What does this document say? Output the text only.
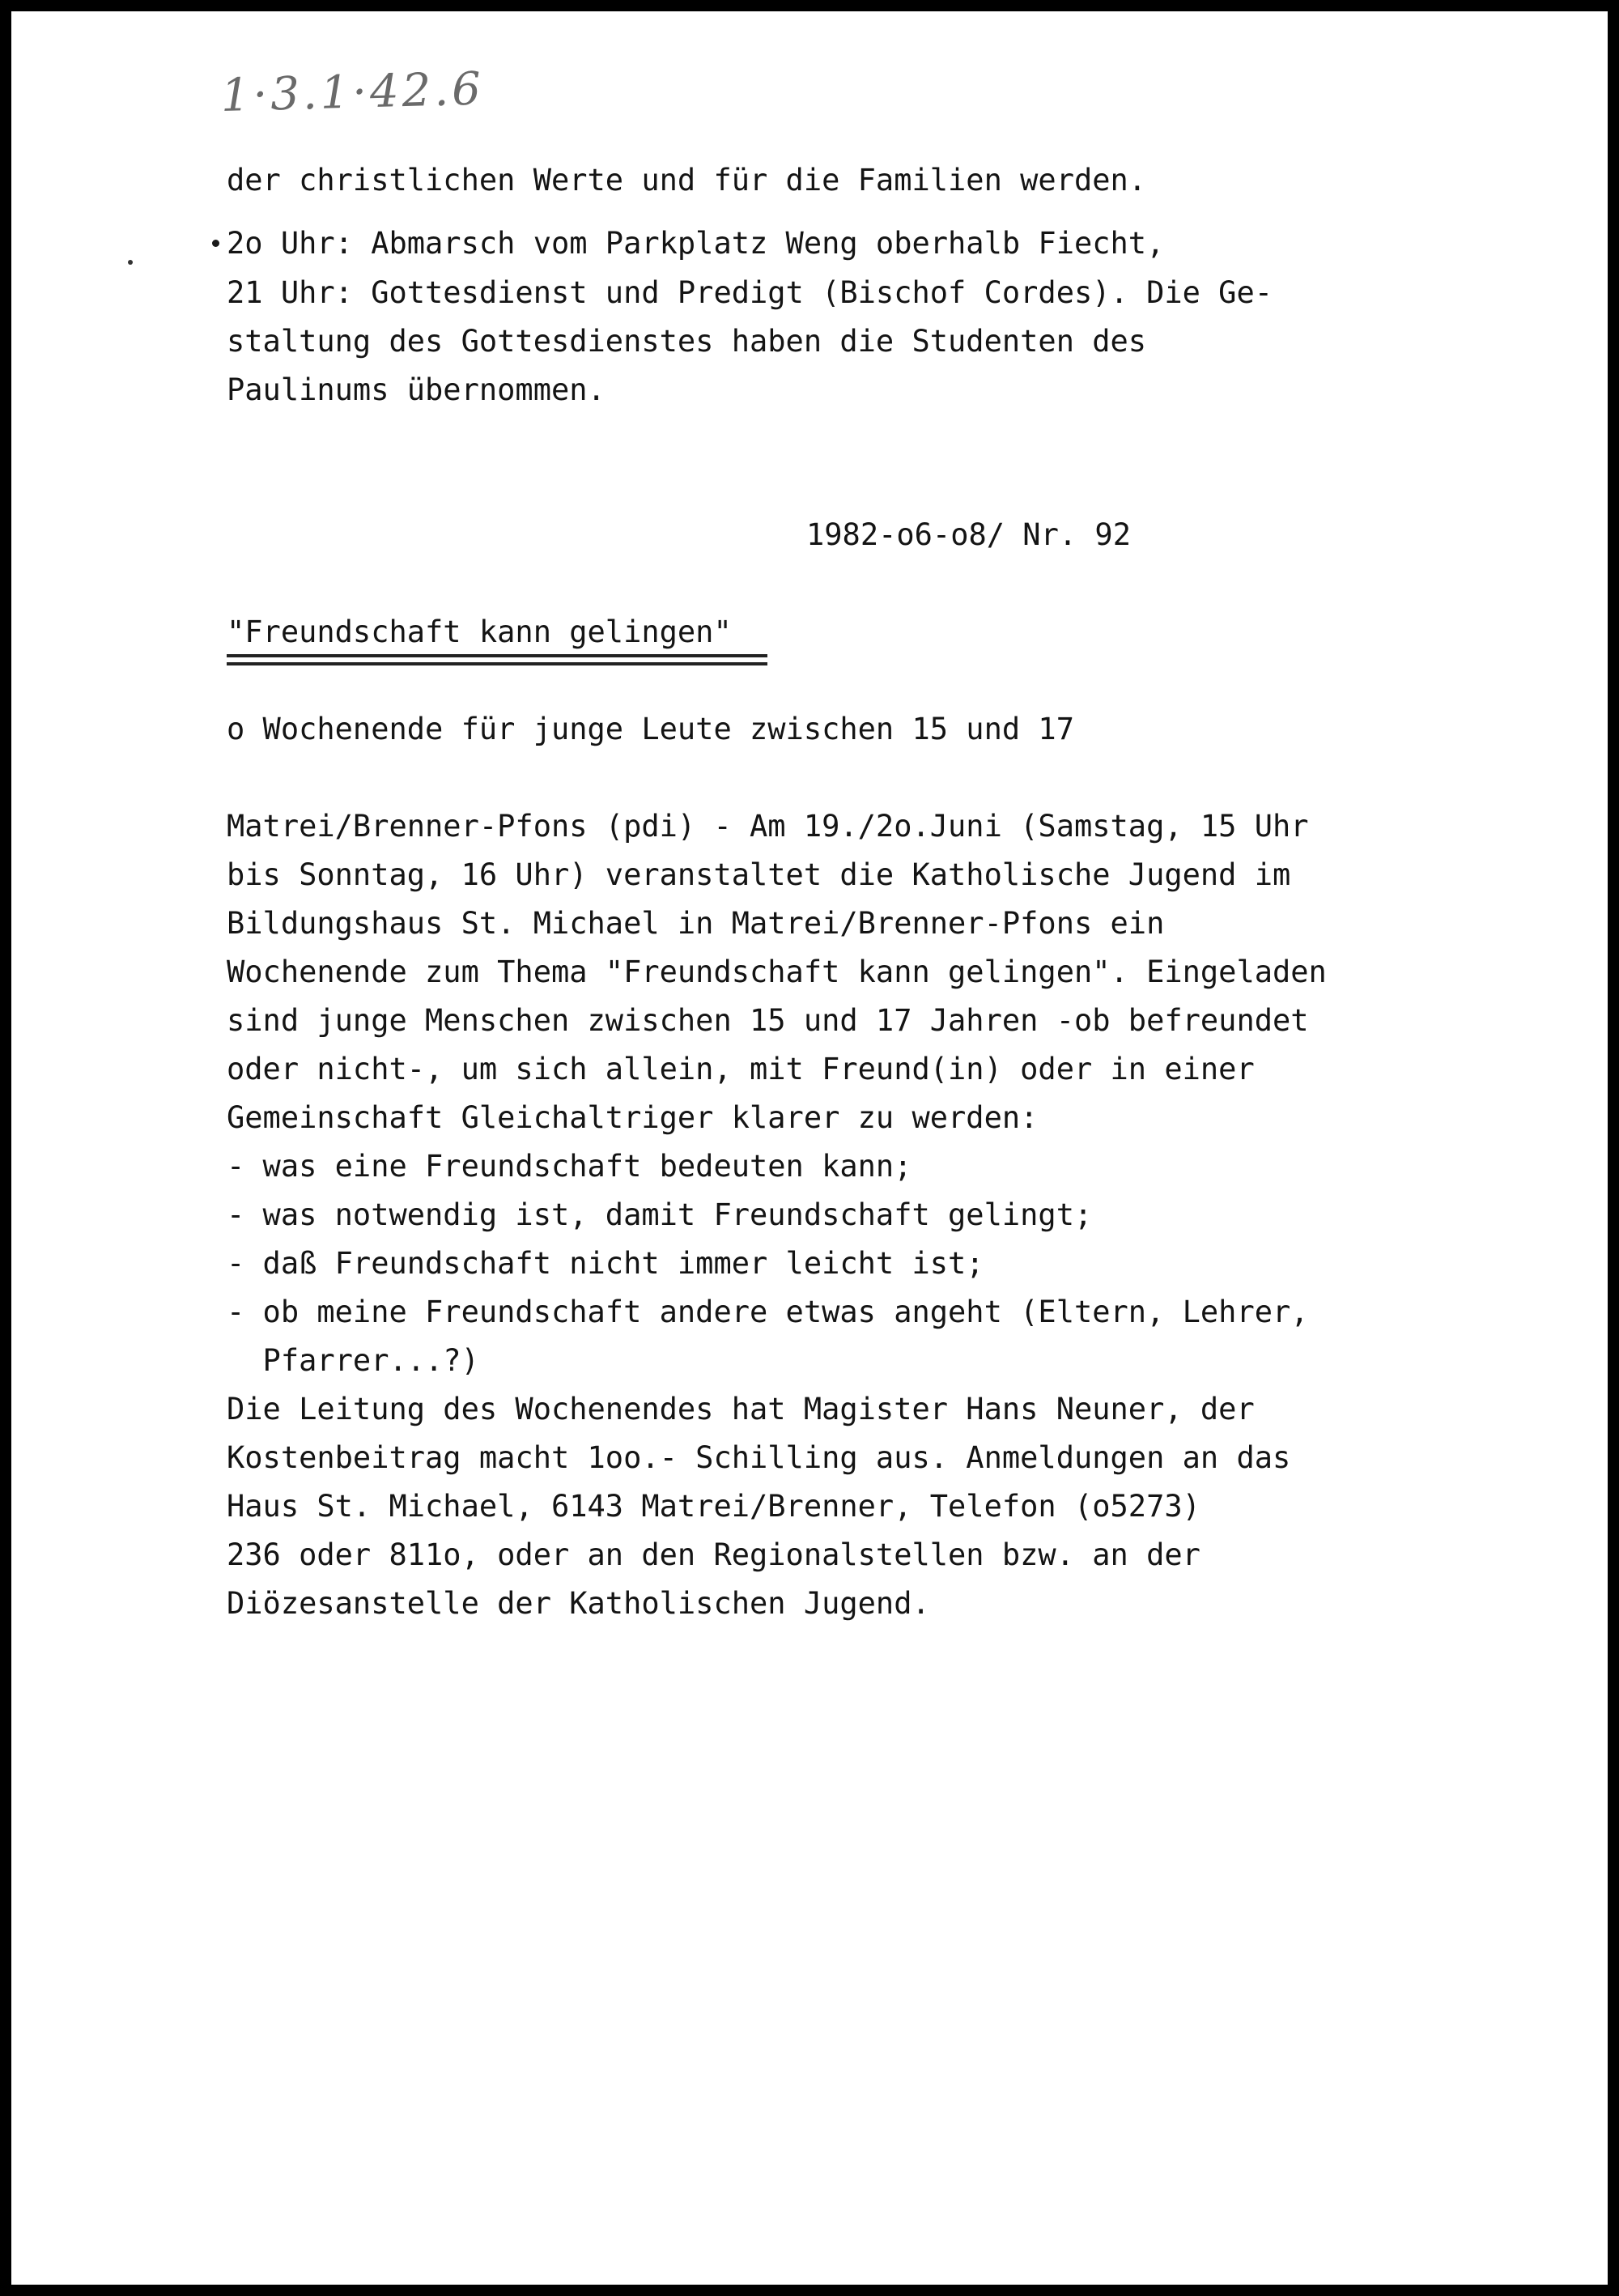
1·3.1·42.6
der christlichen Werte und für die Familien werden.
2o Uhr: Abmarsch vom Parkplatz Weng oberhalb Fiecht,
21 Uhr: Gottesdienst und Predigt (Bischof Cordes). Die Ge-
staltung des Gottesdienstes haben die Studenten des
Paulinums übernommen.
1982-o6-o8/ Nr. 92
"Freundschaft kann gelingen"
o Wochenende für junge Leute zwischen 15 und 17
Matrei/Brenner-Pfons (pdi) - Am 19./2o.Juni (Samstag, 15 Uhr
bis Sonntag, 16 Uhr) veranstaltet die Katholische Jugend im
Bildungshaus St. Michael in Matrei/Brenner-Pfons ein
Wochenende zum Thema "Freundschaft kann gelingen". Eingeladen
sind junge Menschen zwischen 15 und 17 Jahren -ob befreundet
oder nicht-, um sich allein, mit Freund(in) oder in einer
Gemeinschaft Gleichaltriger klarer zu werden:
- was eine Freundschaft bedeuten kann;
- was notwendig ist, damit Freundschaft gelingt;
- daß Freundschaft nicht immer leicht ist;
- ob meine Freundschaft andere etwas angeht (Eltern, Lehrer,
Pfarrer...?)
Die Leitung des Wochenendes hat Magister Hans Neuner, der
Kostenbeitrag macht 1oo.- Schilling aus. Anmeldungen an das
Haus St. Michael, 6143 Matrei/Brenner, Telefon (o5273)
236 oder 811o, oder an den Regionalstellen bzw. an der
Diözesanstelle der Katholischen Jugend.
